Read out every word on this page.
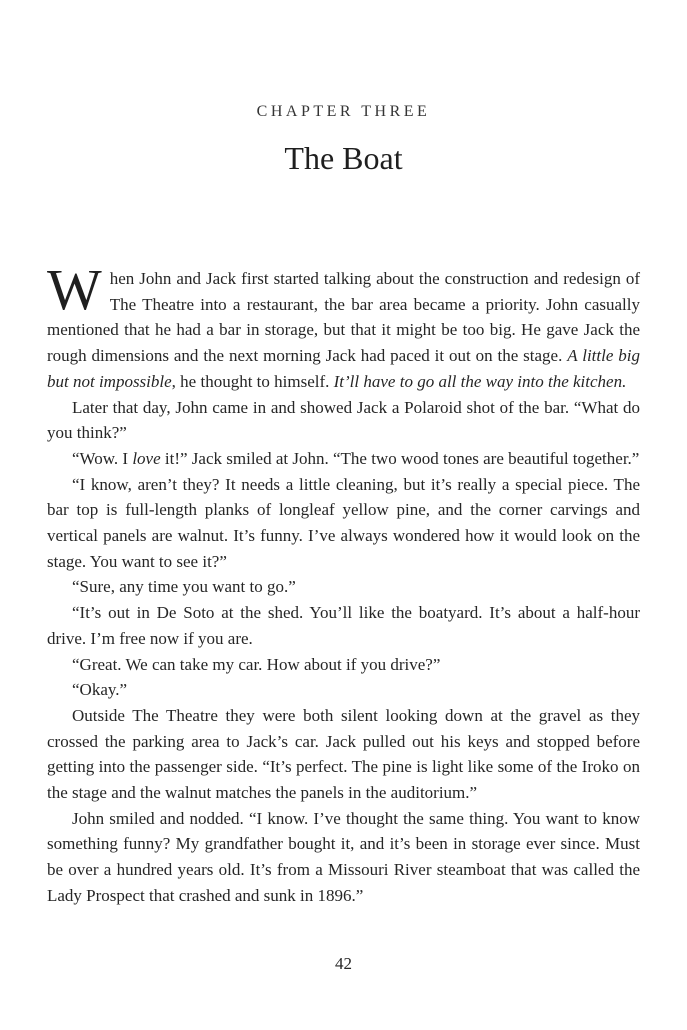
CHAPTER THREE
The Boat

When John and Jack first started talking about the construction and redesign of The Theatre into a restaurant, the bar area became a priority. John casually mentioned that he had a bar in storage, but that it might be too big. He gave Jack the rough dimensions and the next morning Jack had paced it out on the stage. A little big but not impossible, he thought to himself. It’ll have to go all the way into the kitchen.

Later that day, John came in and showed Jack a Polaroid shot of the bar. “What do you think?”

“Wow. I love it!” Jack smiled at John. “The two wood tones are beautiful together.”

“I know, aren’t they? It needs a little cleaning, but it’s really a special piece. The bar top is full-length planks of longleaf yellow pine, and the corner carvings and vertical panels are walnut. It’s funny. I’ve always wondered how it would look on the stage. You want to see it?”

“Sure, any time you want to go.”

“It’s out in De Soto at the shed. You’ll like the boatyard. It’s about a half-hour drive. I’m free now if you are.

“Great. We can take my car. How about if you drive?”

“Okay.”

Outside The Theatre they were both silent looking down at the gravel as they crossed the parking area to Jack’s car. Jack pulled out his keys and stopped before getting into the passenger side. “It’s perfect. The pine is light like some of the Iroko on the stage and the walnut matches the panels in the auditorium.”

John smiled and nodded. “I know. I’ve thought the same thing. You want to know something funny? My grandfather bought it, and it’s been in storage ever since. Must be over a hundred years old. It’s from a Missouri River steamboat that was called the Lady Prospect that crashed and sunk in 1896.”

42
